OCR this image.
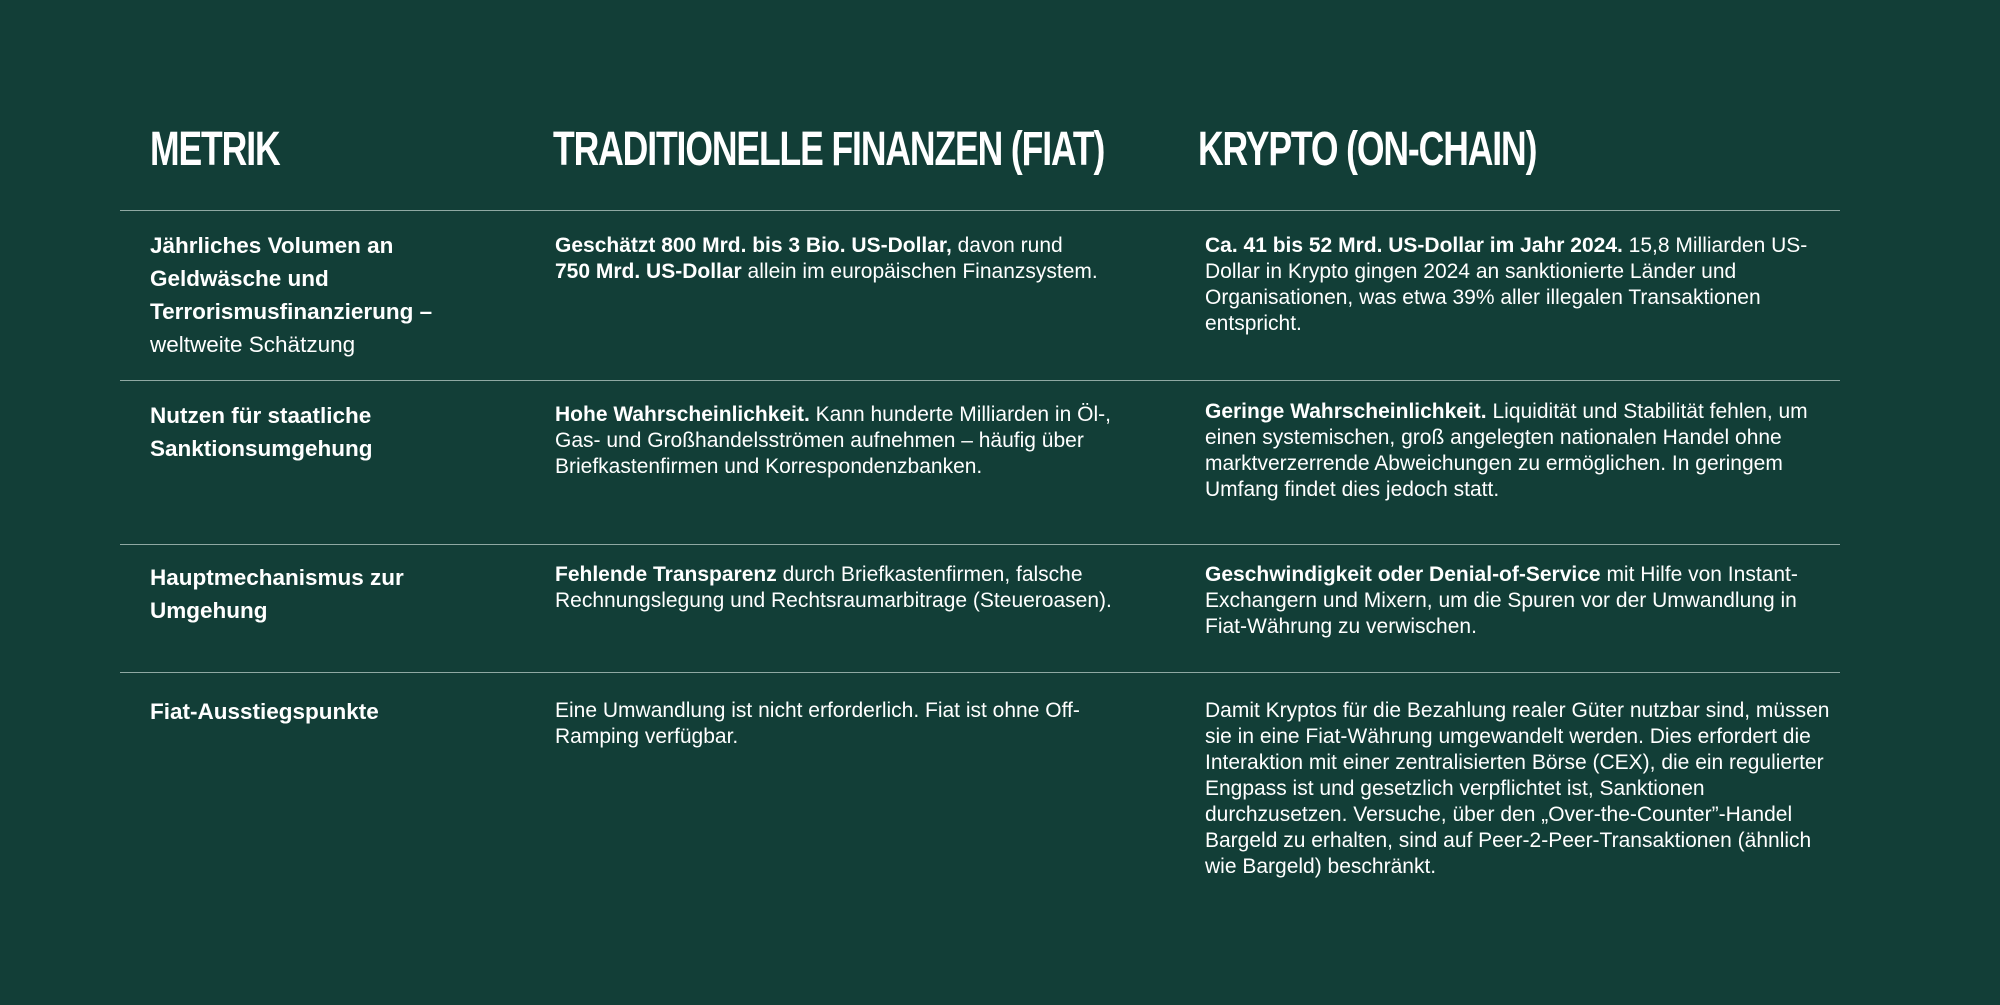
METRIK	TRADITIONELLE FINANZEN (FIAT) KRYPTO (ON-CHAIN)
Jährliches Volumen an Geldwäsche und Terrorismusfinanzierung –
weltweite Schätzung
Geschätzt 800 Mrd. bis 3 Bio. US-Dollar, davon rund
750 Mrd. US-Dollar allein im europäischen Finanzsystem.
Ca. 41 bis 52 Mrd. US-Dollar im Jahr 2024. 15,8 Milliarden US-Dollar in Krypto gingen 2024 an sanktionierte Länder und Organisationen, was etwa 39% aller illegalen Transaktionen entspricht.
Nutzen für staatliche Sanktionsumgehung
Hohe Wahrscheinlichkeit. Kann hunderte Milliarden in Öl-, Gas- und Großhandelsströmen aufnehmen – häufig über Briefkastenfirmen und Korrespondenzbanken.
Geringe Wahrscheinlichkeit. Liquidität und Stabilität fehlen, um einen systemischen, groß angelegten nationalen Handel ohne marktverzerrende Abweichungen zu ermöglichen. In geringem Umfang findet dies jedoch statt.
Hauptmechanismus zur Umgehung
Fehlende Transparenz durch Briefkastenfirmen, falsche Rechnungslegung und Rechtsraumarbitrage (Steueroasen).
Geschwindigkeit oder Denial-of-Service mit Hilfe von Instant-Exchangern und Mixern, um die Spuren vor der Umwandlung in Fiat-Währung zu verwischen.
Fiat-Ausstiegspunkte	Eine Umwandlung ist nicht erforderlich. Fiat ist ohne Off-Ramping verfügbar.
Damit Kryptos für die Bezahlung realer Güter nutzbar sind, müssen sie in eine Fiat-Währung umgewandelt werden. Dies erfordert die Interaktion mit einer zentralisierten Börse (CEX), die ein regulierter Engpass ist und gesetzlich verpflichtet ist, Sanktionen durchzusetzen. Versuche, über den „Over-the-Counter”-Handel Bargeld zu erhalten, sind auf Peer-2-Peer-Transaktionen (ähnlich wie Bargeld) beschränkt.
